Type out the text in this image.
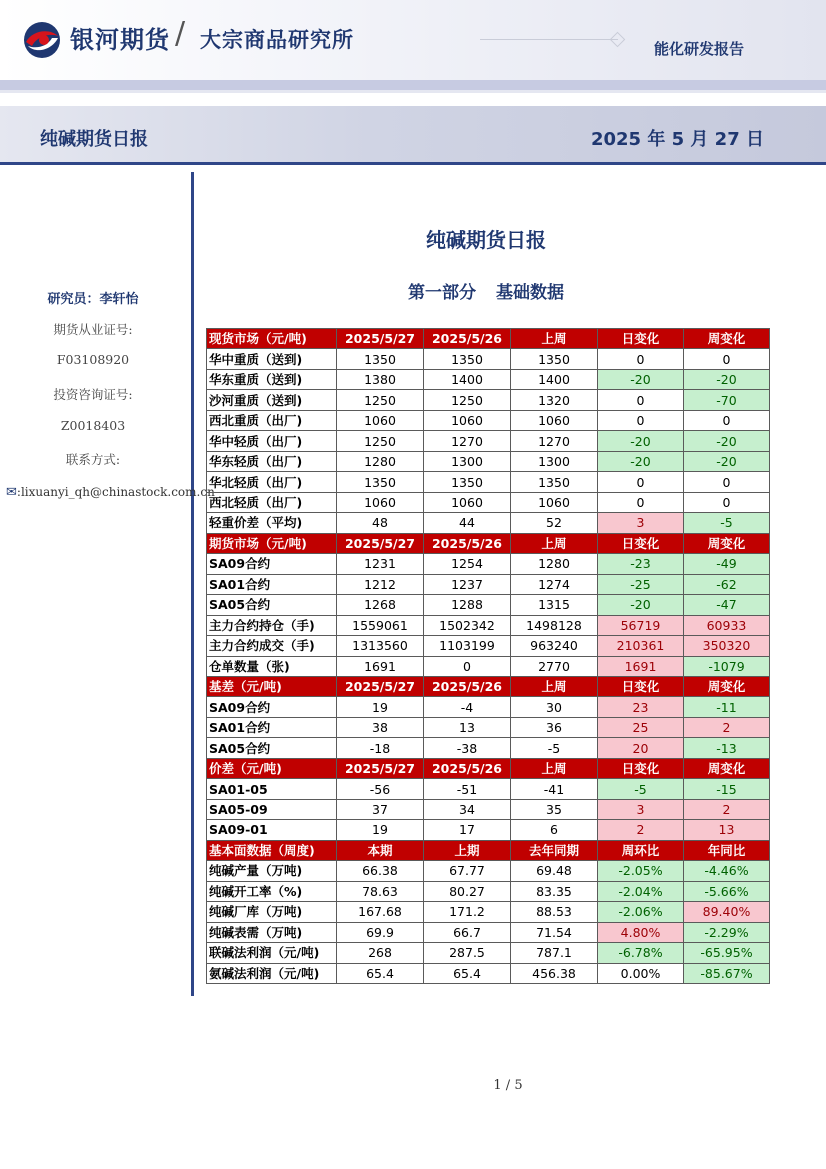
银河期货 / 大宗商品研究所	能化研发报告
纯碱期货日报	2025 年 5 月 27 日
研究员：李轩怡
期货从业证号:
F03108920
投资咨询证号:
Z0018403
联系方式:
✉:lixuanyi_qh@chinastock.com.cn
纯碱期货日报
第一部分 基础数据
现货市场（元/吨)	2025/5/27	2025/5/26	上周	日变化	周变化
华中重质（送到)	1350	1350	1350	0	0
华东重质（送到)	1380	1400	1400	-20	-20
沙河重质（送到)	1250	1250	1320	0	-70
西北重质（出厂)	1060	1060	1060	0	0
华中轻质（出厂)	1250	1270	1270	-20	-20
华东轻质（出厂)	1280	1300	1300	-20	-20
华北轻质（出厂)	1350	1350	1350	0	0
西北轻质（出厂)	1060	1060	1060	0	0
轻重价差（平均)	48	44	52	3	-5
期货市场（元/吨)	2025/5/27	2025/5/26	上周	日变化	周变化
SA09合约	1231	1254	1280	-23	-49
SA01合约	1212	1237	1274	-25	-62
SA05合约	1268	1288	1315	-20	-47
主力合约持仓（手)	1559061	1502342	1498128	56719	60933
主力合约成交（手)	1313560	1103199	963240	210361	350320
仓单数量（张)	1691	0	2770	1691	-1079
基差（元/吨)	2025/5/27	2025/5/26	上周	日变化	周变化
SA09合约	19	-4	30	23	-11
SA01合约	38	13	36	25	2
SA05合约	-18	-38	-5	20	-13
价差（元/吨)	2025/5/27	2025/5/26	上周	日变化	周变化
SA01-05	-56	-51	-41	-5	-15
SA05-09	37	34	35	3	2
SA09-01	19	17	6	2	13
基本面数据（周度)	本期	上期	去年同期	周环比	年同比
纯碱产量（万吨)	66.38	67.77	69.48	-2.05%	-4.46%
纯碱开工率（%)	78.63	80.27	83.35	-2.04%	-5.66%
纯碱厂库（万吨)	167.68	171.2	88.53	-2.06%	89.40%
纯碱表需（万吨)	69.9	66.7	71.54	4.80%	-2.29%
联碱法利润（元/吨)	268	287.5	787.1	-6.78%	-65.95%
氨碱法利润（元/吨)	65.4	65.4	456.38	0.00%	-85.67%
1 / 5
